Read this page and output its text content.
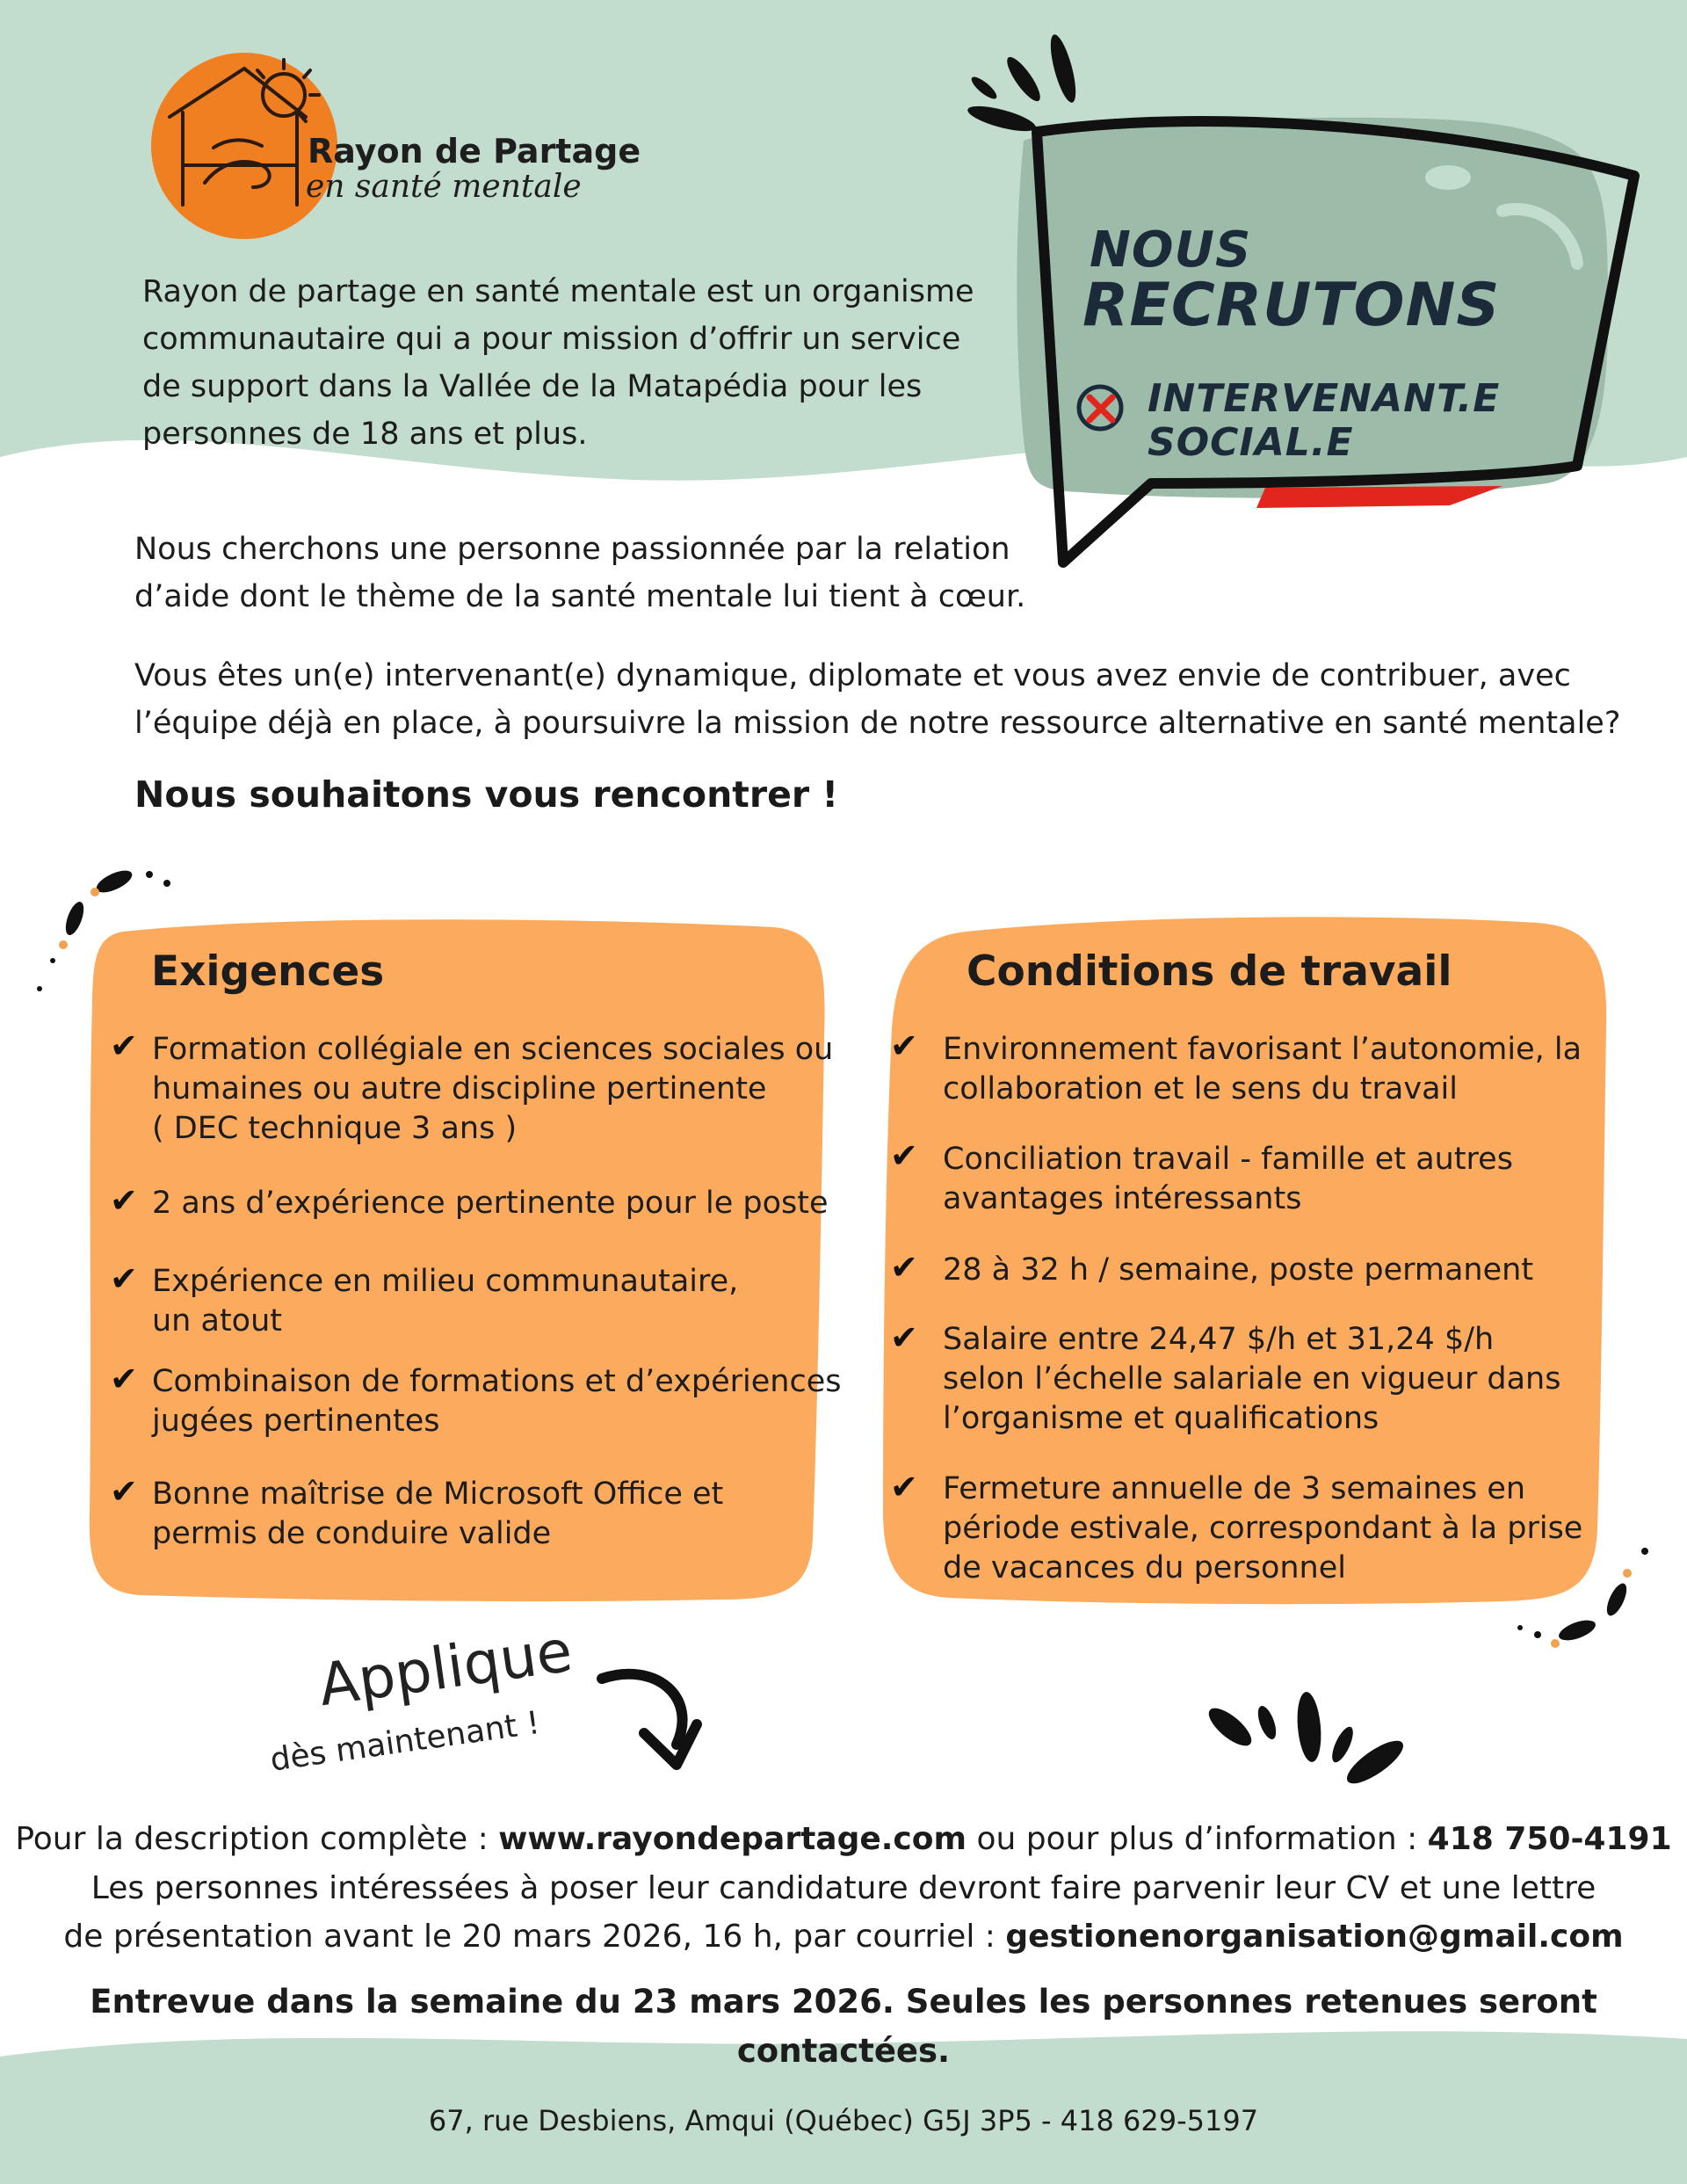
Rayon de Partage
en santé mentale
Rayon de partage en santé mentale est un organisme
communautaire qui a pour mission d’offrir un service
de support dans la Vallée de la Matapédia pour les
personnes de 18 ans et plus.
NOUS
RECRUTONS
INTERVENANT.E
SOCIAL.E
Nous cherchons une personne passionnée par la relation
d’aide dont le thème de la santé mentale lui tient à cœur.
Vous êtes un(e) intervenant(e) dynamique, diplomate et vous avez envie de contribuer, avec
l’équipe déjà en place, à poursuivre la mission de notre ressource alternative en santé mentale?
Nous souhaitons vous rencontrer !
Exigences
✔ Formation collégiale en sciences sociales ou
humaines ou autre discipline pertinente
( DEC technique 3 ans )
✔ 2 ans d’expérience pertinente pour le poste
✔ Expérience en milieu communautaire,
un atout
✔ Combinaison de formations et d’expériences
jugées pertinentes
✔ Bonne maîtrise de Microsoft Office et
permis de conduire valide
Conditions de travail
✔ Environnement favorisant l’autonomie, la
collaboration et le sens du travail
✔ Conciliation travail - famille et autres
avantages intéressants
✔ 28 à 32 h / semaine, poste permanent
✔ Salaire entre 24,47 $/h et 31,24 $/h
selon l’échelle salariale en vigueur dans
l’organisme et qualifications
✔ Fermeture annuelle de 3 semaines en
période estivale, correspondant à la prise
de vacances du personnel
Applique
dès maintenant !
Pour la description complète : www.rayondepartage.com ou pour plus d’information : 418 750-4191
Les personnes intéressées à poser leur candidature devront faire parvenir leur CV et une lettre
de présentation avant le 20 mars 2026, 16 h, par courriel : gestionenorganisation@gmail.com
Entrevue dans la semaine du 23 mars 2026. Seules les personnes retenues seront contactées.
67, rue Desbiens, Amqui (Québec) G5J 3P5 - 418 629-5197
